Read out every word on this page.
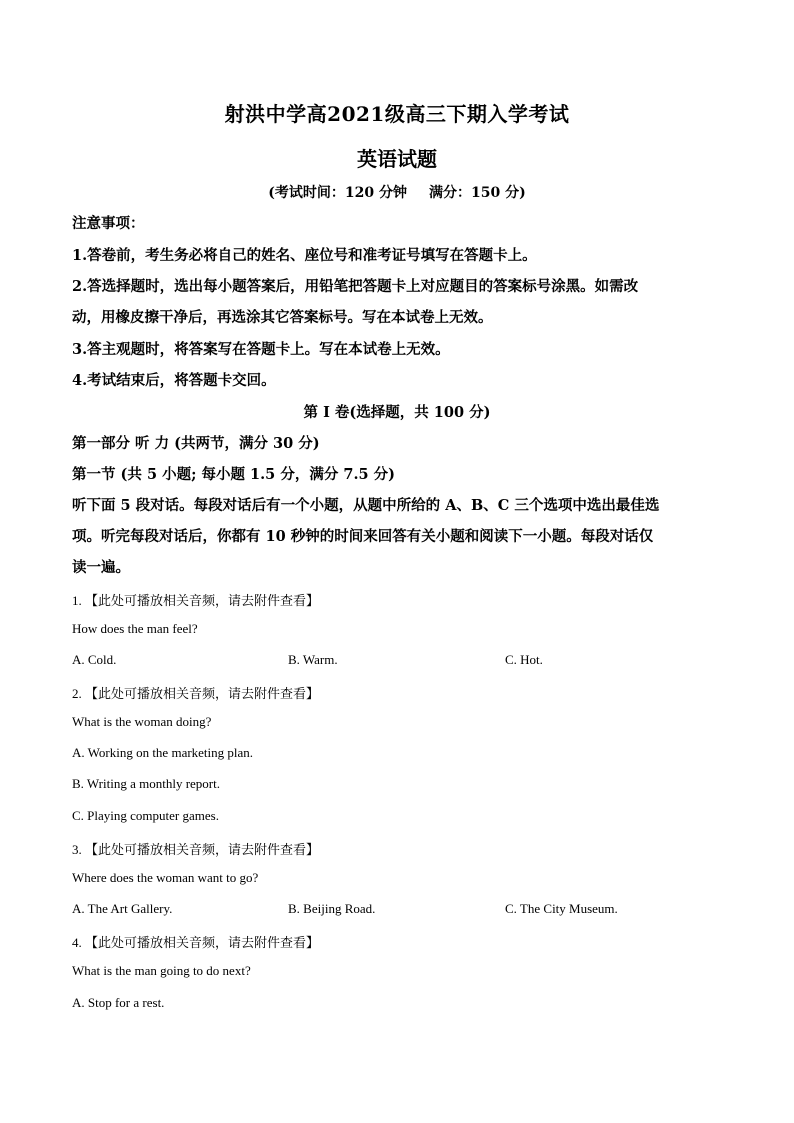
射洪中学高2021级高三下期入学考试
英语试题
(考试时间：120 分钟 满分：150 分)
注意事项：
1.答卷前，考生务必将自己的姓名、座位号和准考证号填写在答题卡上。
2.答选择题时，选出每小题答案后，用铅笔把答题卡上对应题目的答案标号涂黑。如需改
动，用橡皮擦干净后，再选涂其它答案标号。写在本试卷上无效。
3.答主观题时，将答案写在答题卡上。写在本试卷上无效。
4.考试结束后，将答题卡交回。
第 I 卷(选择题，共 100 分)
第一部分 听 力 (共两节，满分 30 分)
第一节 (共 5 小题; 每小题 1.5 分，满分 7.5 分)
听下面 5 段对话。每段对话后有一个小题，从题中所给的 A、B、C 三个选项中选出最佳选
项。听完每段对话后，你都有 10 秒钟的时间来回答有关小题和阅读下一小题。每段对话仅
读一遍。
1. 【此处可播放相关音频，请去附件查看】
How does the man feel?
A. Cold.	B. Warm.	C. Hot.
2. 【此处可播放相关音频，请去附件查看】
What is the woman doing?
A. Working on the marketing plan.
B. Writing a monthly report.
C. Playing computer games.
3. 【此处可播放相关音频，请去附件查看】
Where does the woman want to go?
A. The Art Gallery.	B. Beijing Road.	C. The City Museum.
4. 【此处可播放相关音频，请去附件查看】
What is the man going to do next?
A. Stop for a rest.
